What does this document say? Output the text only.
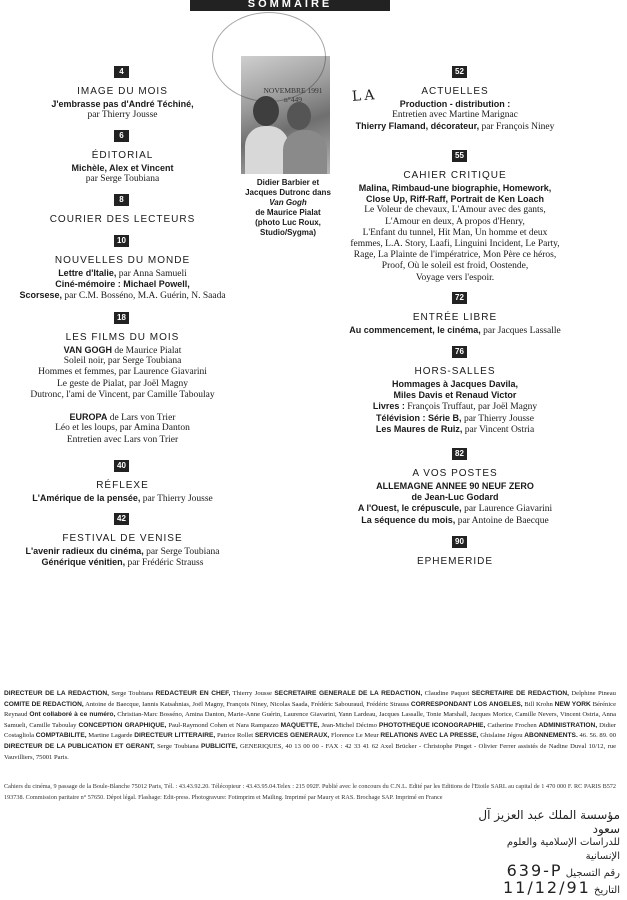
SOMMAIRE
NOVEMBRE 1991
n°449	LA
Didier Barbier et
Jacques Dutronc dans
Van Gogh
de Maurice Pialat
(photo Luc Roux,
Studio/Sygma)
4
IMAGE DU MOIS
J'embrasse pas d'André Téchiné,
par Thierry Jousse
6
ÉDITORIAL
Michèle, Alex et Vincent
par Serge Toubiana
8
COURIER DES LECTEURS
10
NOUVELLES DU MONDE
Lettre d'Italie, par Anna Samueli
Ciné-mémoire : Michael Powell,
Scorsese, par C.M. Bosséno, M.A. Guérin, N. Saada
18
LES FILMS DU MOIS
VAN GOGH de Maurice Pialat
Soleil noir, par Serge Toubiana
Hommes et femmes, par Laurence Giavarini
Le geste de Pialat, par Joël Magny
Dutronc, l'ami de Vincent, par Camille Taboulay
EUROPA de Lars von Trier
Léo et les loups, par Amina Danton
Entretien avec Lars von Trier
40
RÉFLEXE
L'Amérique de la pensée, par Thierry Jousse
42
FESTIVAL DE VENISE
L'avenir radieux du cinéma, par Serge Toubiana
Générique vénitien, par Frédéric Strauss
52
ACTUELLES
Production - distribution :
Entretien avec Martine Marignac
Thierry Flamand, décorateur, par François Niney
55
CAHIER CRITIQUE
Malina, Rimbaud-une biographie, Homework,
Close Up, Riff-Raff, Portrait de Ken Loach
Le Voleur de chevaux, L'Amour avec des gants,
L'Amour en deux, A propos d'Henry,
L'Enfant du tunnel, Hit Man, Un homme et deux
femmes, L.A. Story, Laafi, Linguini Incident, Le Party,
Rage, La Plainte de l'impératrice, Mon Père ce héros,
Proof, Où le soleil est froid, Oostende,
Voyage vers l'espoir.
72
ENTRÉE LIBRE
Au commencement, le cinéma, par Jacques Lassalle
76
HORS-SALLES
Hommages à Jacques Davila,
Miles Davis et Renaud Victor
Livres : François Truffaut, par Joël Magny
Télévision : Série B, par Thierry Jousse
Les Maures de Ruiz, par Vincent Ostria
82
A VOS POSTES
ALLEMAGNE ANNEE 90 NEUF ZERO
de Jean-Luc Godard
A l'Ouest, le crépuscule, par Laurence Giavarini
La séquence du mois, par Antoine de Baecque
90
EPHEMERIDE
DIRECTEUR DE LA REDACTION, Serge Toubiana REDACTEUR EN CHEF, Thierry Jousse SECRETAIRE GENERALE DE LA REDACTION, Claudine Paquot SECRETAIRE DE REDACTION, Delphine Pineau COMITE DE REDACTION, Antoine de Baecque, Iannis Katsahnias, Joël Magny, François Niney, Nicolas Saada, Frédéric Sabouraud, Frédéric Strauss CORRESPONDANT LOS ANGELES, Bill Krohn NEW YORK Bérénice Reynaud Ont collaboré à ce numéro, Christian-Marc Bosséno, Amina Danton, Marie-Anne Guérin, Laurence Giavarini, Yann Lardeau, Jacques Lassalle, Tonie Marshall, Jacques Morice, Camille Nevers, Vincent Ostria, Anna Samueli, Camille Taboulay CONCEPTION GRAPHIQUE, Paul-Raymond Cohen et Nara Rampazzo MAQUETTE, Jean-Michel Décimo PHOTOTHEQUE ICONOGRAPHIE, Catherine Frochen ADMINISTRATION, Didier Costagliola COMPTABILITE, Martine Lagarde DIRECTEUR LITTERAIRE, Patrice Rollet SERVICES GENERAUX, Florence Le Meur RELATIONS AVEC LA PRESSE, Ghislaine Jégou ABONNEMENTS. 46. 56. 89. 00 DIRECTEUR DE LA PUBLICATION ET GERANT, Serge Toubiana PUBLICITE, GENERIQUES, 40 13 00 00 - FAX : 42 33 41 62 Axel Brücker - Christophe Pinget - Olivier Ferrer assistés de Nadine Duval 10/12, rue Vauvilliers, 75001 Paris.
Cahiers du cinéma, 9 passage de la Boule-Blanche 75012 Paris, Tél. : 43.43.92.20. Télécopieur : 43.43.95.04.Telex : 215 092F. Publié avec le concours du C.N.L. Edité par les Editions de l'Etoile SARL au capital de 1 470 000 F. RC PARIS B572 193738. Commission paritaire n° 57650. Dépot légal. Flashage: Edit-press. Photogravure: Fotimprim et Mailing. Imprimé par Maury et RAS. Brochage SAP. Imprimé en France
مؤسسة الملك عبد العزيز آل سعود
للدراسات الإسلامية والعلوم الإنسانية
رقم التسجيل 639-P
التاريخ 11/12/91
